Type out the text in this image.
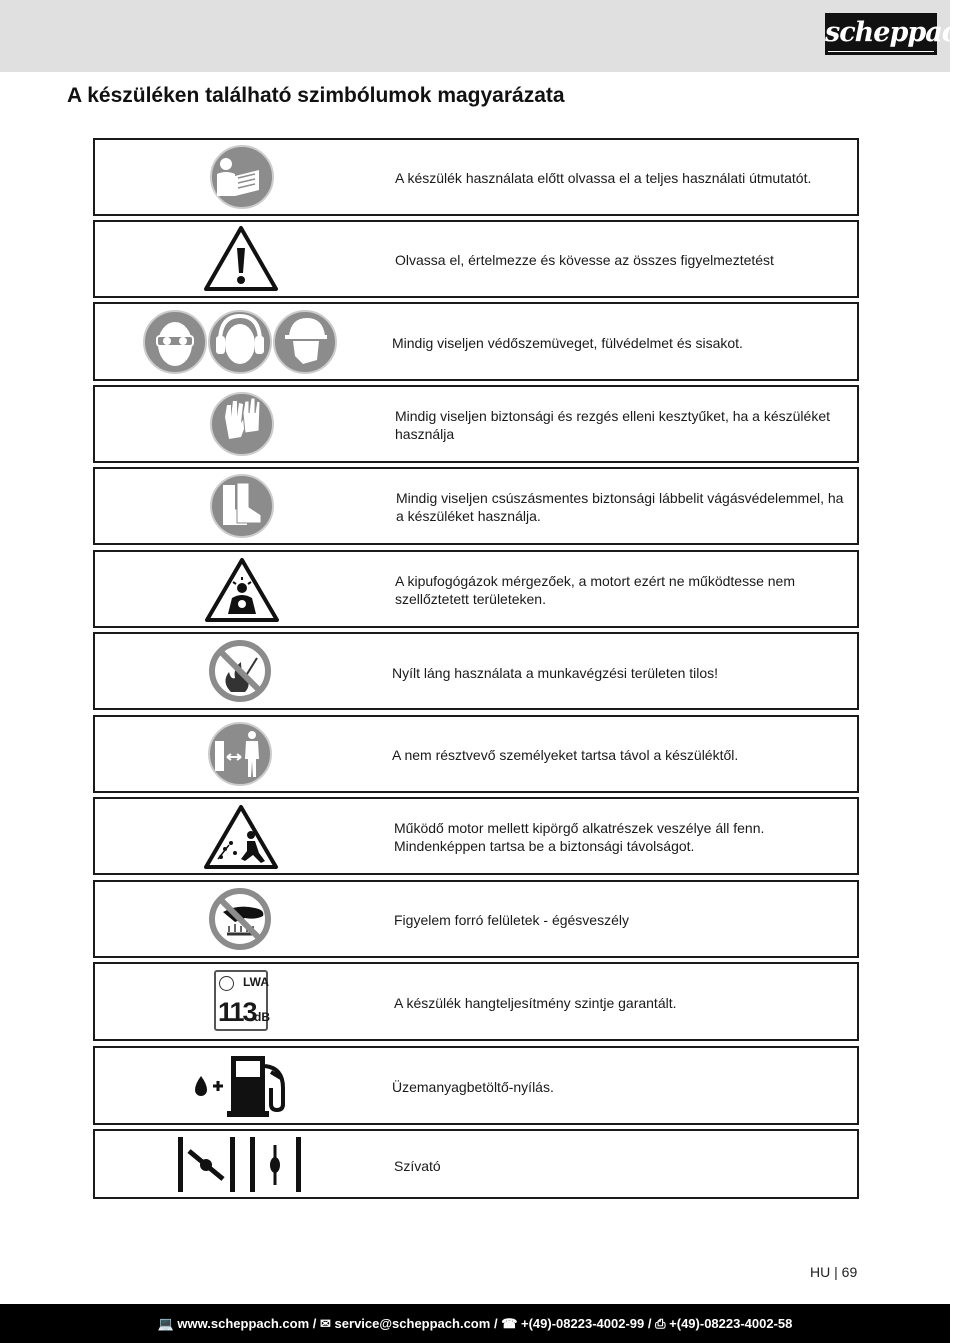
scheppach
A készüléken található szimbólumok magyarázata
A készülék használata előtt olvassa el a teljes használati útmutatót.
Olvassa el, értelmezze és kövesse az összes figyelmeztetést
Mindig viseljen védőszemüveget, fülvédelmet és sisakot.
Mindig viseljen biztonsági és rezgés elleni kesztyűket, ha a készüléket használja
Mindig viseljen csúszásmentes biztonsági lábbelit vágásvédelemmel, ha a készüléket használja.
A kipufogógázok mérgezőek, a motort ezért ne működtesse nem szellőztetett területeken.
Nyílt láng használata a munkavégzési területen tilos!
A nem résztvevő személyeket tartsa távol a készüléktől.
Működő motor mellett kipörgő alkatrészek veszélye áll fenn. Mindenképpen tartsa be a biztonsági távolságot.
Figyelem forró felületek - égésveszély
LWA
113
dB
A készülék hangteljesítmény szintje garantált.
Üzemanyagbetöltő-nyílás.
Szívató
HU | 69
💻 www.scheppach.com / ✉ service@scheppach.com / ☎ +(49)-08223-4002-99 / ⎙ +(49)-08223-4002-58
